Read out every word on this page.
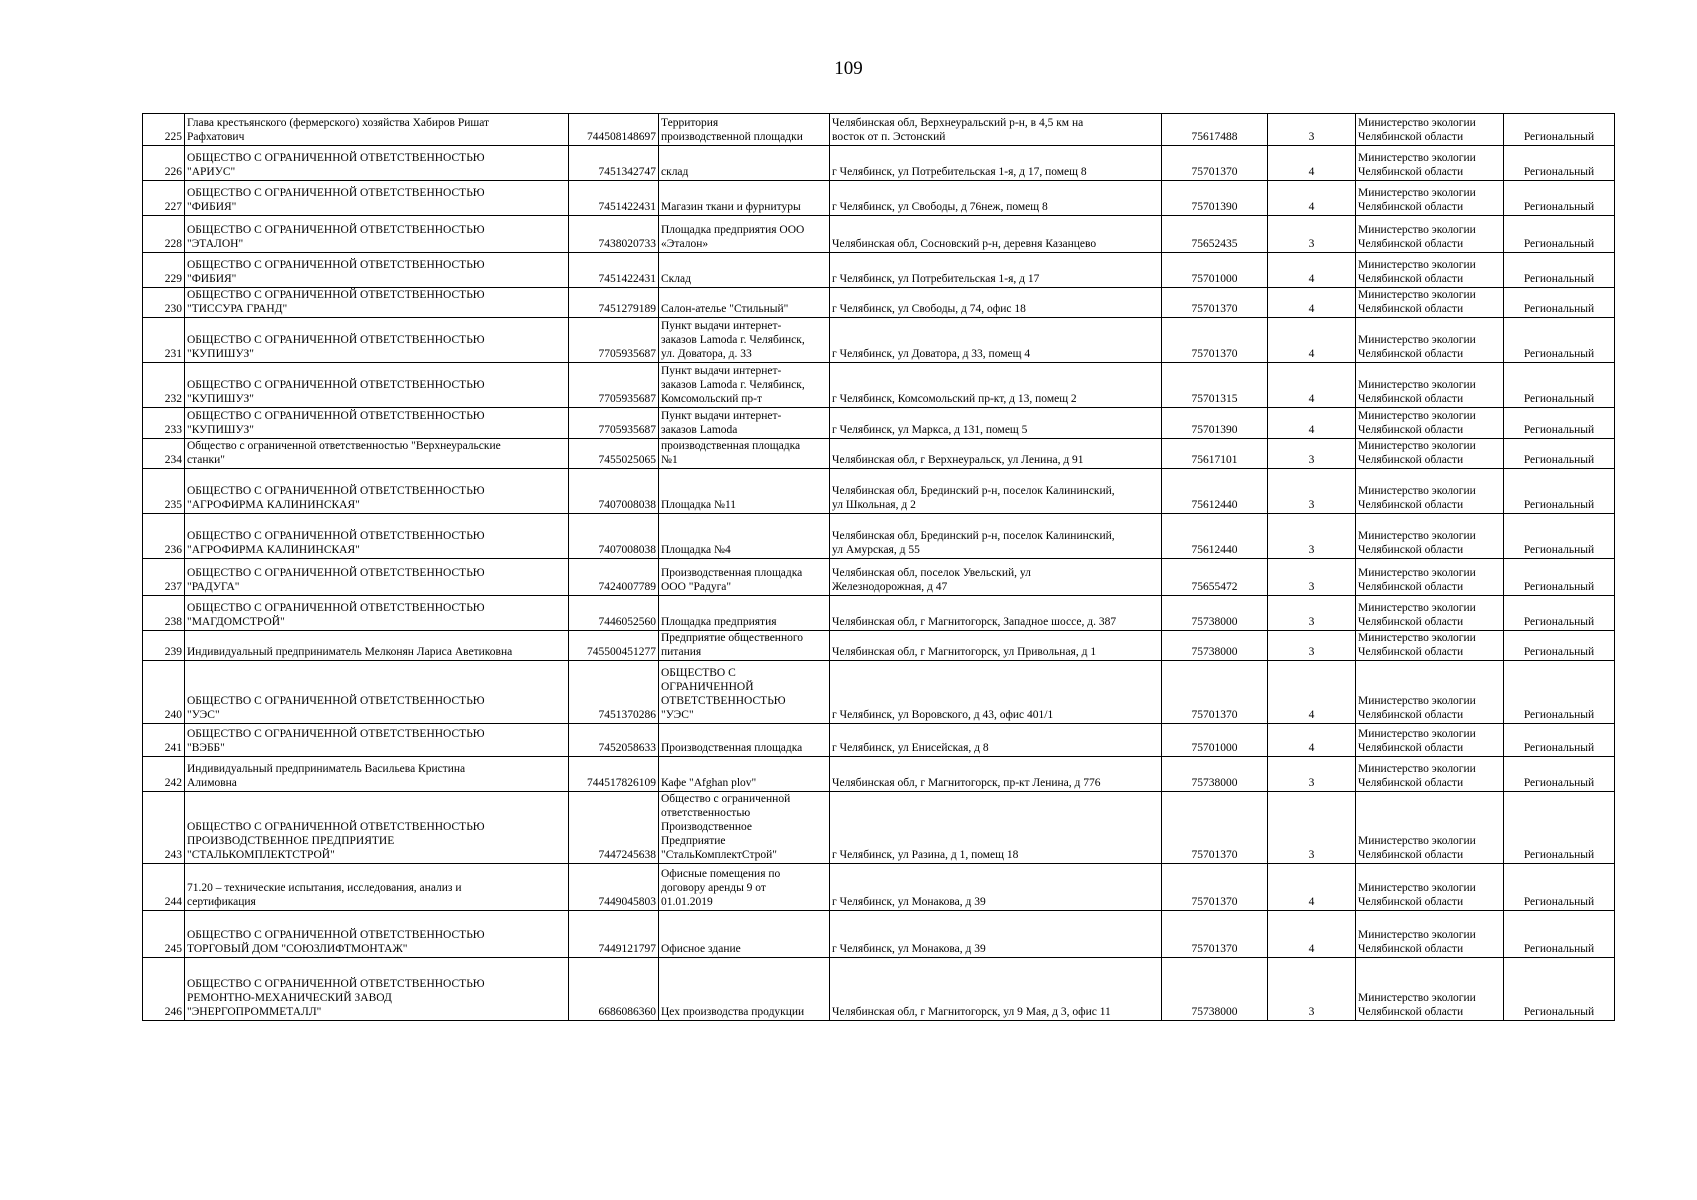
109
225	Глава крестьянского (фермерского) хозяйства Хабиров Ришат
Рафхатович	744508148697	Территория
производственной площадки	Челябинская обл, Верхнеуральский р-н, в 4,5 км на
восток от п. Эстонский	75617488	3	Министерство экологии
Челябинской области	Региональный

226	ОБЩЕСТВО С ОГРАНИЧЕННОЙ ОТВЕТСТВЕННОСТЬЮ
"АРИУС"	7451342747	склад	г Челябинск, ул Потребительская 1-я, д 17, помещ 8	75701370	4	Министерство экологии
Челябинской области	Региональный

227	ОБЩЕСТВО С ОГРАНИЧЕННОЙ ОТВЕТСТВЕННОСТЬЮ
"ФИБИЯ"	7451422431	Магазин ткани и фурнитуры	г Челябинск, ул Свободы, д 76неж, помещ 8	75701390	4	Министерство экологии
Челябинской области	Региональный

228	ОБЩЕСТВО С ОГРАНИЧЕННОЙ ОТВЕТСТВЕННОСТЬЮ
"ЭТАЛОН"	7438020733	Площадка предприятия ООО
«Эталон»	Челябинская обл, Сосновский р-н, деревня Казанцево	75652435	3	Министерство экологии
Челябинской области	Региональный

229	ОБЩЕСТВО С ОГРАНИЧЕННОЙ ОТВЕТСТВЕННОСТЬЮ
"ФИБИЯ"	7451422431	Склад	г Челябинск, ул Потребительская 1-я, д 17	75701000	4	Министерство экологии
Челябинской области	Региональный

230	ОБЩЕСТВО С ОГРАНИЧЕННОЙ ОТВЕТСТВЕННОСТЬЮ
"ТИССУРА ГРАНД"	7451279189	Салон-ателье "Стильный"	г Челябинск, ул Свободы, д 74, офис 18	75701370	4	Министерство экологии
Челябинской области	Региональный

231	ОБЩЕСТВО С ОГРАНИЧЕННОЙ ОТВЕТСТВЕННОСТЬЮ
"КУПИШУЗ"	7705935687	Пункт выдачи интернет-
заказов Lamoda г. Челябинск,
ул. Доватора, д. 33	г Челябинск, ул Доватора, д 33, помещ 4	75701370	4	Министерство экологии
Челябинской области	Региональный

232	ОБЩЕСТВО С ОГРАНИЧЕННОЙ ОТВЕТСТВЕННОСТЬЮ
"КУПИШУЗ"	7705935687	Пункт выдачи интернет-
заказов Lamoda г. Челябинск,
Комсомольский пр-т	г Челябинск, Комсомольский пр-кт, д 13, помещ 2	75701315	4	Министерство экологии
Челябинской области	Региональный

233	ОБЩЕСТВО С ОГРАНИЧЕННОЙ ОТВЕТСТВЕННОСТЬЮ
"КУПИШУЗ"	7705935687	Пункт выдачи интернет-
заказов Lamoda	г Челябинск, ул Маркса, д 131, помещ 5	75701390	4	Министерство экологии
Челябинской области	Региональный

234	Общество с ограниченной ответственностью "Верхнеуральские
станки"	7455025065	производственная площадка
№1	Челябинская обл, г Верхнеуральск, ул Ленина, д 91	75617101	3	Министерство экологии
Челябинской области	Региональный

235	ОБЩЕСТВО С ОГРАНИЧЕННОЙ ОТВЕТСТВЕННОСТЬЮ
"АГРОФИРМА КАЛИНИНСКАЯ"	7407008038	Площадка №11	Челябинская обл, Брединский р-н, поселок Калининский,
ул Школьная, д 2	75612440	3	Министерство экологии
Челябинской области	Региональный

236	ОБЩЕСТВО С ОГРАНИЧЕННОЙ ОТВЕТСТВЕННОСТЬЮ
"АГРОФИРМА КАЛИНИНСКАЯ"	7407008038	Площадка №4	Челябинская обл, Брединский р-н, поселок Калининский,
ул Амурская, д 55	75612440	3	Министерство экологии
Челябинской области	Региональный

237	ОБЩЕСТВО С ОГРАНИЧЕННОЙ ОТВЕТСТВЕННОСТЬЮ
"РАДУГА"	7424007789	Производственная площадка
ООО "Радуга"	Челябинская обл, поселок Увельский, ул
Железнодорожная, д 47	75655472	3	Министерство экологии
Челябинской области	Региональный

238	ОБЩЕСТВО С ОГРАНИЧЕННОЙ ОТВЕТСТВЕННОСТЬЮ
"МАГДОМСТРОЙ"	7446052560	Площадка предприятия	Челябинская обл, г Магнитогорск, Западное шоссе, д. 387	75738000	3	Министерство экологии
Челябинской области	Региональный

239	Индивидуальный предприниматель Мелконян Лариса Аветиковна	745500451277	Предприятие общественного
питания	Челябинская обл, г Магнитогорск, ул Привольная, д 1	75738000	3	Министерство экологии
Челябинской области	Региональный

240	ОБЩЕСТВО С ОГРАНИЧЕННОЙ ОТВЕТСТВЕННОСТЬЮ
"УЭС"	7451370286	ОБЩЕСТВО С
ОГРАНИЧЕННОЙ
ОТВЕТСТВЕННОСТЬЮ
"УЭС"	г Челябинск, ул Воровского, д 43, офис 401/1	75701370	4	Министерство экологии
Челябинской области	Региональный

241	ОБЩЕСТВО С ОГРАНИЧЕННОЙ ОТВЕТСТВЕННОСТЬЮ
"ВЭББ"	7452058633	Производственная площадка	г Челябинск, ул Енисейская, д 8	75701000	4	Министерство экологии
Челябинской области	Региональный

242	Индивидуальный предприниматель Васильева Кристина
Алимовна	744517826109	Кафе "Afghan plov"	Челябинская обл, г Магнитогорск, пр-кт Ленина, д 776	75738000	3	Министерство экологии
Челябинской области	Региональный

243	ОБЩЕСТВО С ОГРАНИЧЕННОЙ ОТВЕТСТВЕННОСТЬЮ
ПРОИЗВОДСТВЕННОЕ ПРЕДПРИЯТИЕ
"СТАЛЬКОМПЛЕКТСТРОЙ"	7447245638	Общество с ограниченной
ответственностью
Производственное
Предприятие
"СтальКомплектСтрой"	г Челябинск, ул Разина, д 1, помещ 18	75701370	3	Министерство экологии
Челябинской области	Региональный

244	71.20 – технические испытания, исследования, анализ и
сертификация	7449045803	Офисные помещения по
договору аренды 9 от
01.01.2019	г Челябинск, ул Монакова, д 39	75701370	4	Министерство экологии
Челябинской области	Региональный

245	ОБЩЕСТВО С ОГРАНИЧЕННОЙ ОТВЕТСТВЕННОСТЬЮ
ТОРГОВЫЙ ДОМ "СОЮЗЛИФТМОНТАЖ"	7449121797	Офисное здание	г Челябинск, ул Монакова, д 39	75701370	4	Министерство экологии
Челябинской области	Региональный

246	ОБЩЕСТВО С ОГРАНИЧЕННОЙ ОТВЕТСТВЕННОСТЬЮ
РЕМОНТНО-МЕХАНИЧЕСКИЙ ЗАВОД
"ЭНЕРГОПРОММЕТАЛЛ"	6686086360	Цех производства продукции	Челябинская обл, г Магнитогорск, ул 9 Мая, д 3, офис 11	75738000	3	Министерство экологии
Челябинской области	Региональный
